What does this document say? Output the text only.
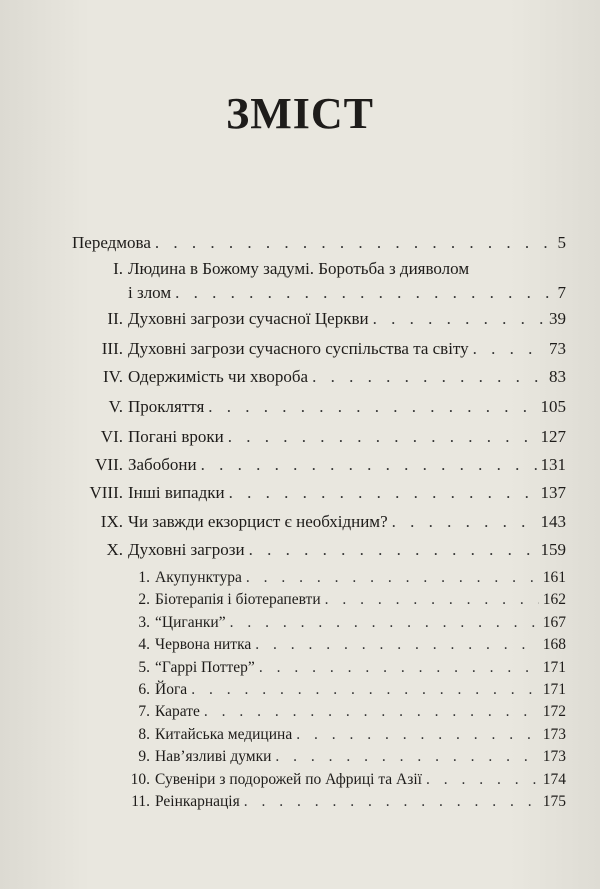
ЗМІСТ
Передмова . . .	5
I. Людина в Божому задумі. Боротьба з дияволом
і злом . . .	7
II. Духовні загрози сучасної Церкви . . .	39
III. Духовні загрози сучасного суспільства та світу . . .	73
IV. Одержимість чи хвороба . . .	83
V. Прокляття . . .	105
VI. Погані вроки . . .	127
VII. Забобони . . .	131
VIII. Інші випадки . . .	137
IX. Чи завжди екзорцист є необхідним? . . .	143
X. Духовні загрози . . .	159
1. Акупунктура . . .	161
2. Біотерапія і біотерапевти . . .	162
3. “Циганки” . . .	167
4. Червона нитка . . .	168
5. “Гаррі Поттер” . . .	171
6. Йога . . .	171
7. Карате . . .	172
8. Китайська медицина . . .	173
9. Нав’язливі думки . . .	173
10. Сувеніри з подорожей по Африці та Азії . . .	174
11. Реінкарнація . . .	175
